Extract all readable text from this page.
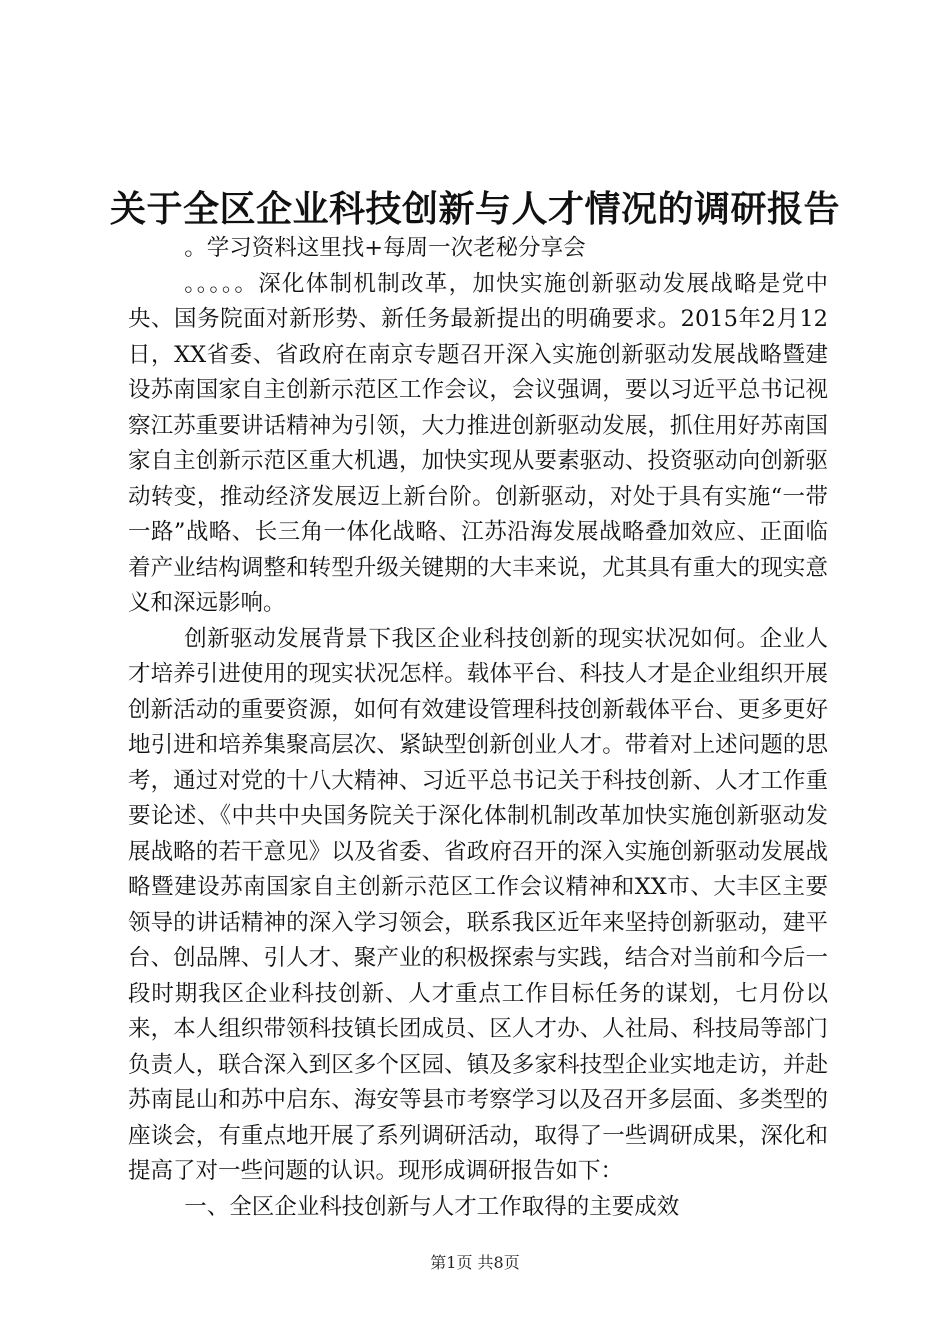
关于全区企业科技创新与人才情况的调研报告

。学习资料这里找+每周一次老秘分享会

。。。。。深化体制机制改革，加快实施创新驱动发展战略是党中央、国务院面对新形势、新任务最新提出的明确要求。2015年2月12日，XX省委、省政府在南京专题召开深入实施创新驱动发展战略暨建设苏南国家自主创新示范区工作会议，会议强调，要以习近平总书记视察江苏重要讲话精神为引领，大力推进创新驱动发展，抓住用好苏南国家自主创新示范区重大机遇，加快实现从要素驱动、投资驱动向创新驱动转变，推动经济发展迈上新台阶。创新驱动，对处于具有实施“一带一路”战略、长三角一体化战略、江苏沿海发展战略叠加效应、正面临着产业结构调整和转型升级关键期的大丰来说，尤其具有重大的现实意义和深远影响。

创新驱动发展背景下我区企业科技创新的现实状况如何。企业人才培养引进使用的现实状况怎样。载体平台、科技人才是企业组织开展创新活动的重要资源，如何有效建设管理科技创新载体平台、更多更好地引进和培养集聚高层次、紧缺型创新创业人才。带着对上述问题的思考，通过对党的十八大精神、习近平总书记关于科技创新、人才工作重要论述、《中共中央国务院关于深化体制机制改革加快实施创新驱动发展战略的若干意见》以及省委、省政府召开的深入实施创新驱动发展战略暨建设苏南国家自主创新示范区工作会议精神和XX市、大丰区主要领导的讲话精神的深入学习领会，联系我区近年来坚持创新驱动，建平台、创品牌、引人才、聚产业的积极探索与实践，结合对当前和今后一段时期我区企业科技创新、人才重点工作目标任务的谋划，七月份以来，本人组织带领科技镇长团成员、区人才办、人社局、科技局等部门负责人，联合深入到区多个区园、镇及多家科技型企业实地走访，并赴苏南昆山和苏中启东、海安等县市考察学习以及召开多层面、多类型的座谈会，有重点地开展了系列调研活动，取得了一些调研成果，深化和提高了对一些问题的认识。现形成调研报告如下：

一、全区企业科技创新与人才工作取得的主要成效

第1页 共8页
